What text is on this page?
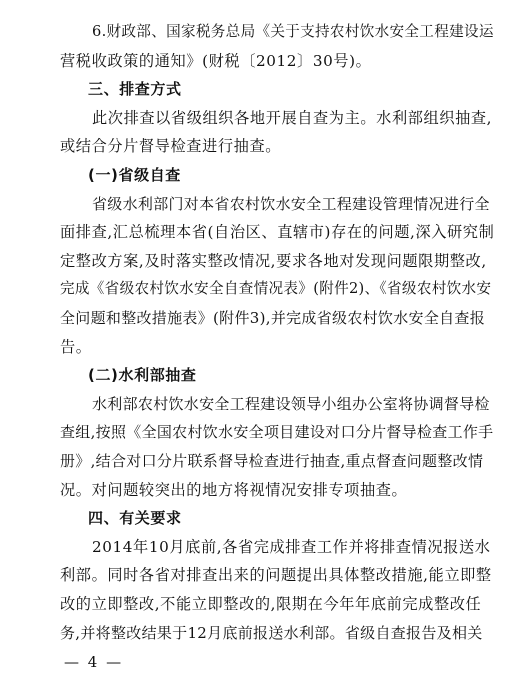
6.财政部、国家税务总局《关于支持农村饮水安全工程建设运
营税收政策的通知》(财税〔2012〕30号)。
三、排查方式
此次排查以省级组织各地开展自查为主。水利部组织抽查,
或结合分片督导检查进行抽查。
(一)省级自查
省级水利部门对本省农村饮水安全工程建设管理情况进行全
面排查,汇总梳理本省(自治区、直辖市)存在的问题,深入研究制
定整改方案,及时落实整改情况,要求各地对发现问题限期整改,
完成《省级农村饮水安全自查情况表》(附件2)、《省级农村饮水安
全问题和整改措施表》(附件3),并完成省级农村饮水安全自查报
告。
(二)水利部抽查
水利部农村饮水安全工程建设领导小组办公室将协调督导检
查组,按照《全国农村饮水安全项目建设对口分片督导检查工作手
册》,结合对口分片联系督导检查进行抽查,重点督查问题整改情
况。对问题较突出的地方将视情况安排专项抽查。
四、有关要求
2014年10月底前,各省完成排查工作并将排查情况报送水
利部。同时各省对排查出来的问题提出具体整改措施,能立即整
改的立即整改,不能立即整改的,限期在今年年底前完成整改任
务,并将整改结果于12月底前报送水利部。省级自查报告及相关
— 4 —
